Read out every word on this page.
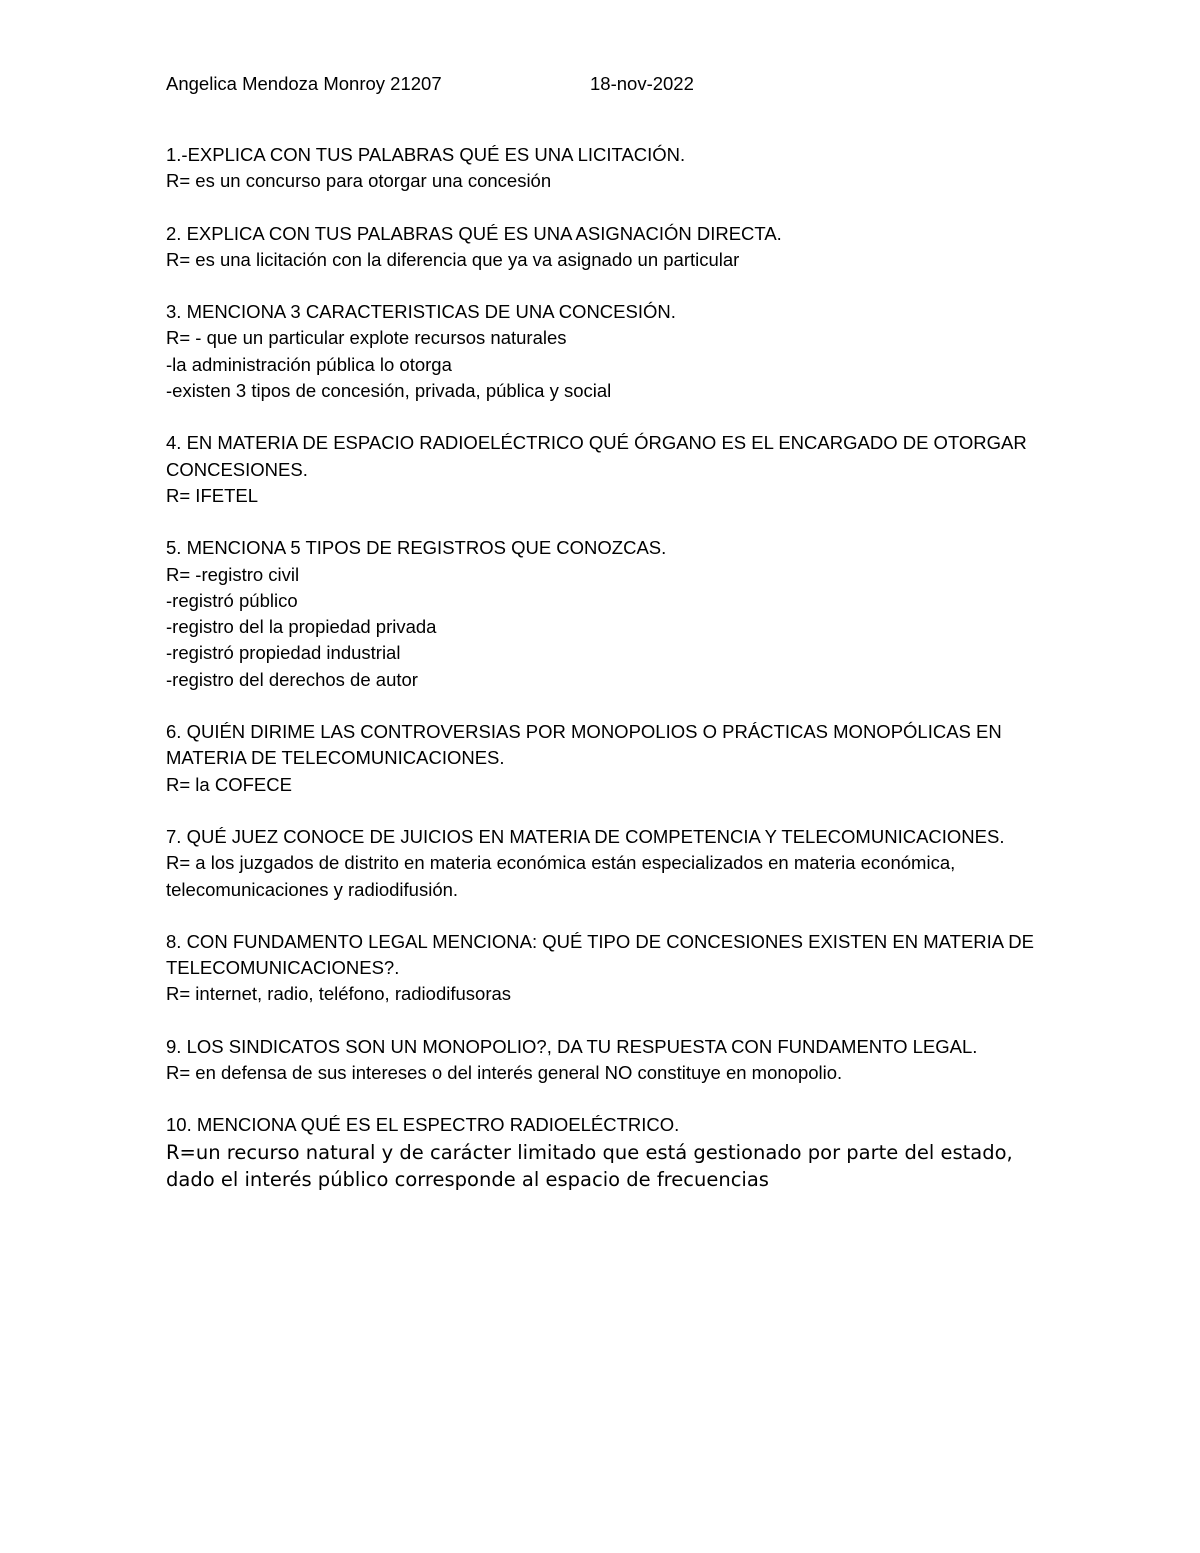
Angelica Mendoza Monroy 21207	18-nov-2022
1.-EXPLICA CON TUS PALABRAS QUÉ ES UNA LICITACIÓN.
R= es un concurso para otorgar una concesión
2. EXPLICA CON TUS PALABRAS QUÉ ES UNA ASIGNACIÓN DIRECTA.
R= es una licitación con la diferencia que ya va asignado un particular
3. MENCIONA 3 CARACTERISTICAS DE UNA CONCESIÓN.
R= - que un particular explote recursos naturales
-la administración pública lo otorga
-existen 3 tipos de concesión, privada, pública y social
4. EN MATERIA DE ESPACIO RADIOELÉCTRICO QUÉ ÓRGANO ES EL ENCARGADO DE OTORGAR
CONCESIONES.
R= IFETEL
5. MENCIONA 5 TIPOS DE REGISTROS QUE CONOZCAS.
R= -registro civil
-registró público
-registro del la propiedad privada
-registró propiedad industrial
-registro del derechos de autor
6. QUIÉN DIRIME LAS CONTROVERSIAS POR MONOPOLIOS O PRÁCTICAS MONOPÓLICAS EN
MATERIA DE TELECOMUNICACIONES.
R= la COFECE
7. QUÉ JUEZ CONOCE DE JUICIOS EN MATERIA DE COMPETENCIA Y TELECOMUNICACIONES.
R= a los juzgados de distrito en materia económica están especializados en materia económica,
telecomunicaciones y radiodifusión.
8. CON FUNDAMENTO LEGAL MENCIONA: QUÉ TIPO DE CONCESIONES EXISTEN EN MATERIA DE
TELECOMUNICACIONES?.
R= internet, radio, teléfono, radiodifusoras
9. LOS SINDICATOS SON UN MONOPOLIO?, DA TU RESPUESTA CON FUNDAMENTO LEGAL.
R= en defensa de sus intereses o del interés general NO constituye en monopolio.
10. MENCIONA QUÉ ES EL ESPECTRO RADIOELÉCTRICO.
R=un recurso natural y de carácter limitado que está gestionado por parte del estado, dado el interés público corresponde al espacio de frecuencias
